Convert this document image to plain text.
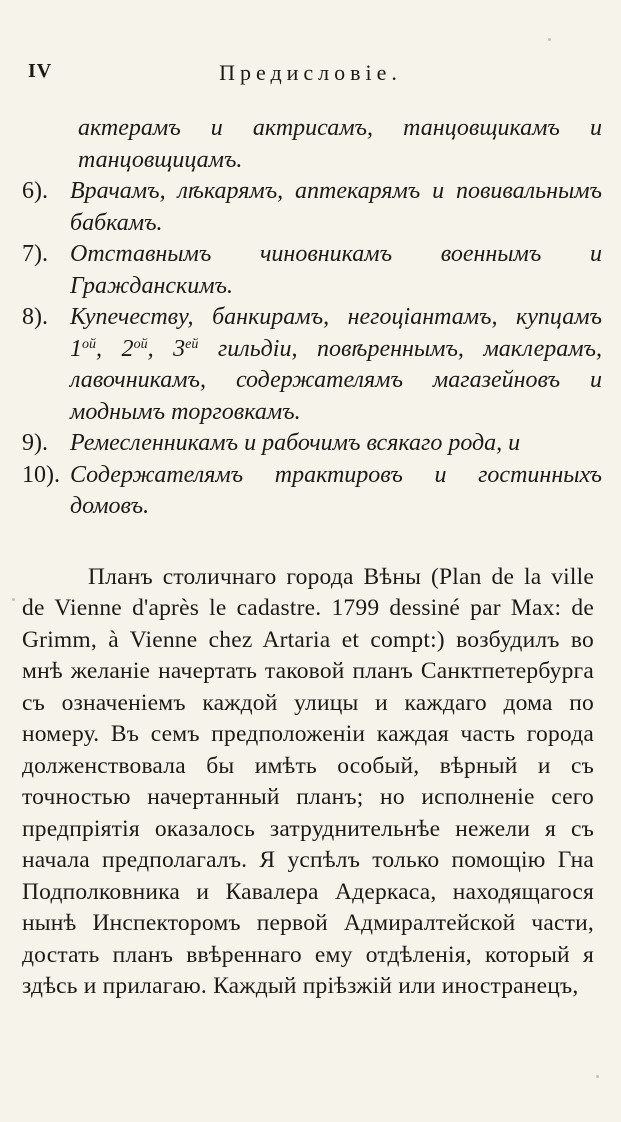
IV	Предисловіе.
актерамъ и актрисамъ, танцовщикамъ и танцовщицамъ.
6). Врачамъ, лѣкарямъ, аптекарямъ и повивальнымъ бабкамъ.
7). Отставнымъ чиновникамъ военнымъ и Гражданскимъ.
8). Купечеству, банкирамъ, негоціантамъ, купцамъ $1^{ой}$, $2^{ой}$, $3^{ей}$ гильдіи, повѣреннымъ, маклерамъ, лавочникамъ, содержателямъ магазейновъ и моднымъ торговкамъ.
9). Ремесленникамъ и рабочимъ всякаго рода, и
10). Содержателямъ трактировъ и гостинныхъ домовъ.

Планъ столичнаго города Вѣны (Plan de la ville de Vienne d'après le cadastre. 1799 dessiné par Max: de Grimm, à Vienne chez Artaria et compt:) возбудилъ во мнѣ желаніе начертать таковой планъ Санктпетербурга съ означеніемъ каждой улицы и каждаго дома по номеру. Въ семъ предположеніи каждая часть города долженствовала бы имѣть особый, вѣрный и съ точностью начертанный планъ; но исполненіе сего предпріятія оказалось затруднительнѣе нежели я съ начала предполагалъ. Я успѣлъ только помощію Гна Подполковника и Кавалера Адеркаса, находящагося нынѣ Инспекторомъ первой Адмиралтейской части, достать планъ ввѣреннаго ему отдѣленія, который я здѣсь и прилагаю. Каждый пріѣзжій или иностранецъ,
